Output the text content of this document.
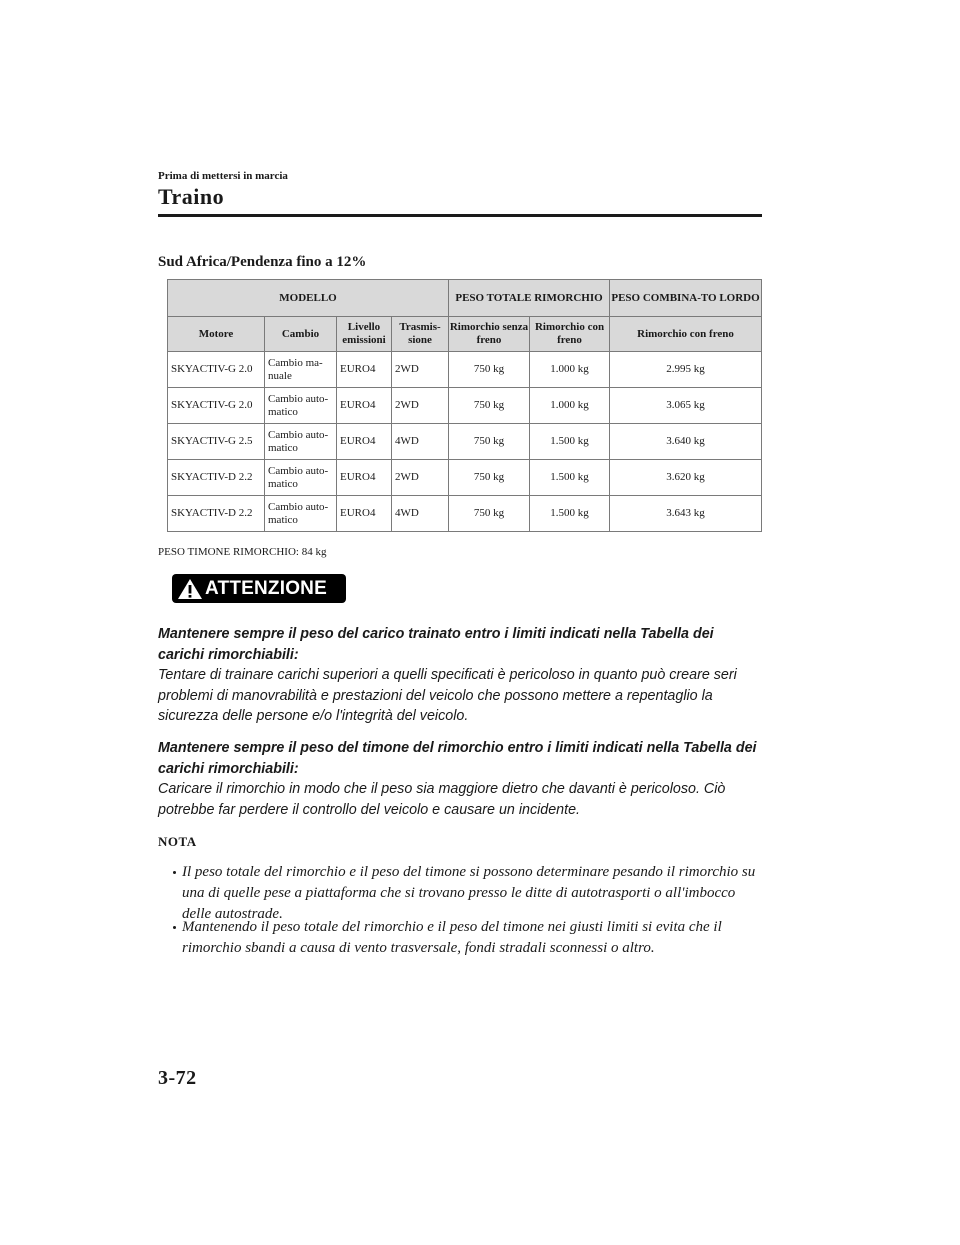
Prima di mettersi in marcia
Traino
Sud Africa/Pendenza fino a 12%
MODELLO				PESO TOTALE RIMORCHIO		PESO COMBINA-TO LORDO
Motore	Cambio	Livello emissioni	Trasmis-sione	Rimorchio senza freno	Rimorchio con freno	Rimorchio con freno
SKYACTIV-G 2.0	Cambio ma-nuale	EURO4	2WD	750 kg	1.000 kg	2.995 kg
SKYACTIV-G 2.0	Cambio auto-matico	EURO4	2WD	750 kg	1.000 kg	3.065 kg
SKYACTIV-G 2.5	Cambio auto-matico	EURO4	4WD	750 kg	1.500 kg	3.640 kg
SKYACTIV-D 2.2	Cambio auto-matico	EURO4	2WD	750 kg	1.500 kg	3.620 kg
SKYACTIV-D 2.2	Cambio auto-matico	EURO4	4WD	750 kg	1.500 kg	3.643 kg
PESO TIMONE RIMORCHIO: 84 kg
ATTENZIONE
Mantenere sempre il peso del carico trainato entro i limiti indicati nella Tabella dei carichi rimorchiabili:
Tentare di trainare carichi superiori a quelli specificati è pericoloso in quanto può creare seri problemi di manovrabilità e prestazioni del veicolo che possono mettere a repentaglio la sicurezza delle persone e/o l'integrità del veicolo.
Mantenere sempre il peso del timone del rimorchio entro i limiti indicati nella Tabella dei carichi rimorchiabili:
Caricare il rimorchio in modo che il peso sia maggiore dietro che davanti è pericoloso. Ciò potrebbe far perdere il controllo del veicolo e causare un incidente.
NOTA
Il peso totale del rimorchio e il peso del timone si possono determinare pesando il rimorchio su una di quelle pese a piattaforma che si trovano presso le ditte di autotrasporti o all'imbocco delle autostrade.
Mantenendo il peso totale del rimorchio e il peso del timone nei giusti limiti si evita che il rimorchio sbandi a causa di vento trasversale, fondi stradali sconnessi o altro.
3-72
